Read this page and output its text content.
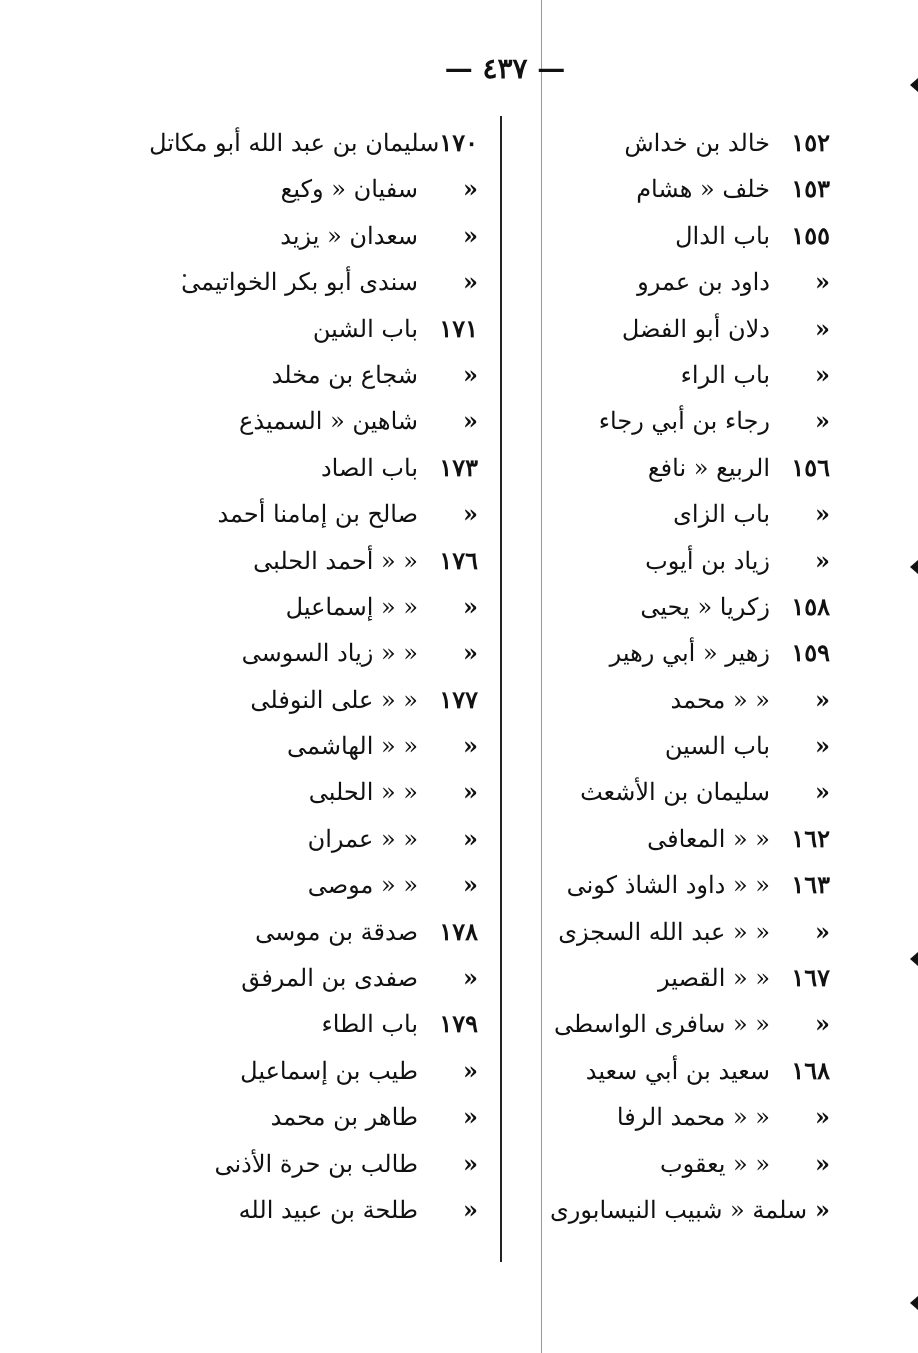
— ٤٣٧ —
١٥٢
خالد بن خداش
١٥٣
خلف « هشام
١٥٥
باب الدال
«
داود بن عمرو
«
دلان أبو الفضل
«
باب الراء
«
رجاء بن أبي رجاء
١٥٦
الربيع « نافع
«
باب الزاى
«
زياد بن أيوب
١٥٨
زكريا « يحيى
١٥٩
زهير « أبي رهير
«
« « محمد
«
باب السين
«
سليمان بن الأشعث
١٦٢
« « المعافى
١٦٣
« « داود الشاذ كونى
«
« « عبد الله السجزى
١٦٧
« « القصير
«
« « سافرى الواسطى
١٦٨
سعيد بن أبي سعيد
«
« « محمد الرفا
«
« « يعقوب
«
سلمة « شبيب النيسابورى
١٧٠
سليمان بن عبد الله أبو مكاتل
«
سفيان « وكيع
«
سعدان « يزيد
«
سندى أبو بكر الخواتيمى
١٧١
باب الشين
«
شجاع بن مخلد
«
شاهين « السميذع
١٧٣
باب الصاد
«
صالح بن إمامنا أحمد
١٧٦
« « أحمد الحلبى
«
« « إسماعيل
«
« « زياد السوسى
١٧٧
« « على النوفلى
«
« « الهاشمى
«
« « الحلبى
«
« « عمران
«
« « موصى
١٧٨
صدقة بن موسى
«
صفدى بن المرفق
١٧٩
باب الطاء
«
طيب بن إسماعيل
«
طاهر بن محمد
«
طالب بن حرة الأذنى
«
طلحة بن عبيد الله
